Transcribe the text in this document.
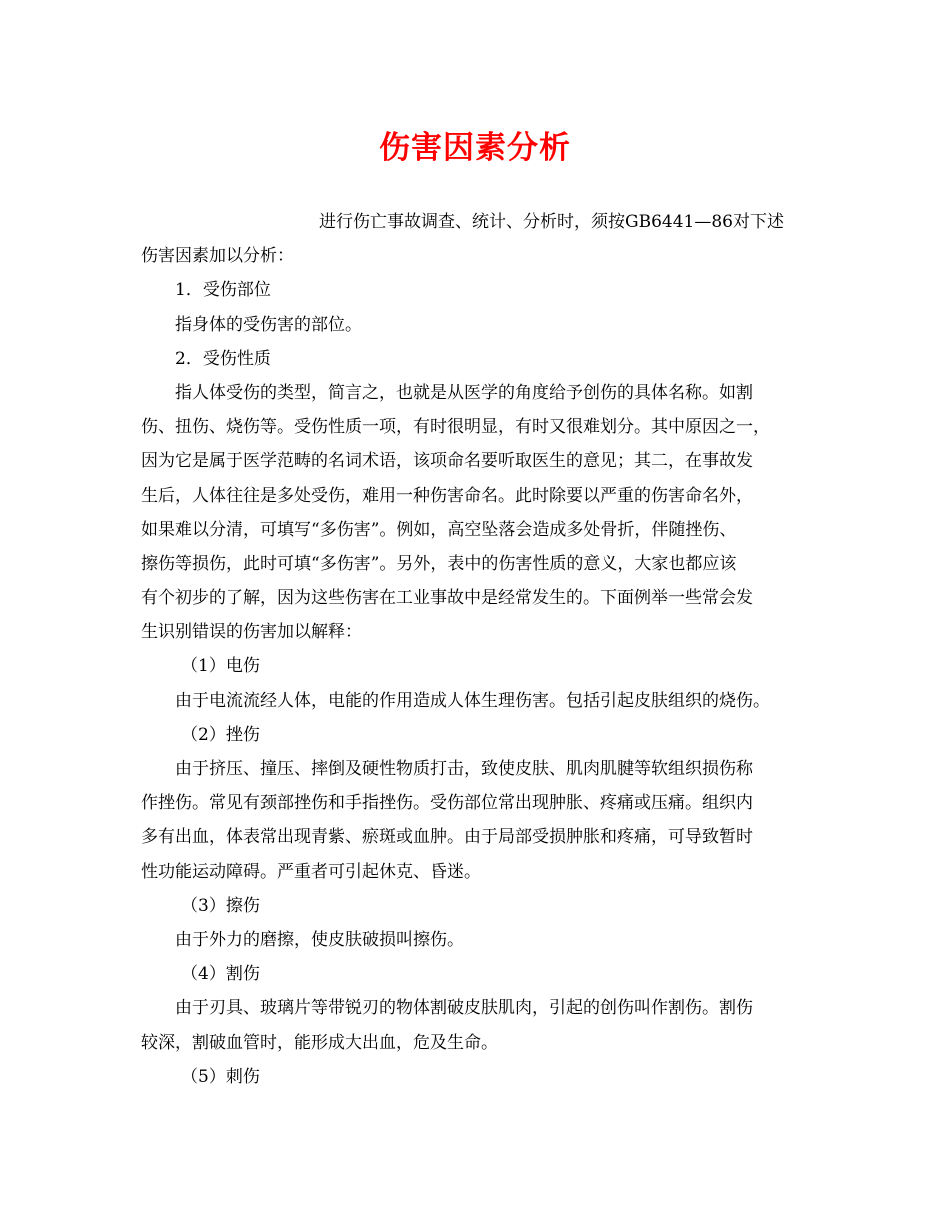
伤害因素分析
进行伤亡事故调查、统计、分析时，须按GB6441—86对下述
伤害因素加以分析：
1．受伤部位
指身体的受伤害的部位。
2．受伤性质
指人体受伤的类型，简言之，也就是从医学的角度给予创伤的具体名称。如割
伤、扭伤、烧伤等。受伤性质一项，有时很明显，有时又很难划分。其中原因之一，
因为它是属于医学范畴的名词术语，该项命名要听取医生的意见；其二，在事故发
生后，人体往往是多处受伤，难用一种伤害命名。此时除要以严重的伤害命名外，
如果难以分清，可填写“多伤害”。例如，高空坠落会造成多处骨折，伴随挫伤、
擦伤等损伤，此时可填“多伤害”。另外，表中的伤害性质的意义，大家也都应该
有个初步的了解，因为这些伤害在工业事故中是经常发生的。下面例举一些常会发
生识别错误的伤害加以解释：
（1）电伤
由于电流流经人体，电能的作用造成人体生理伤害。包括引起皮肤组织的烧伤。
（2）挫伤
由于挤压、撞压、摔倒及硬性物质打击，致使皮肤、肌肉肌腱等软组织损伤称
作挫伤。常见有颈部挫伤和手指挫伤。受伤部位常出现肿胀、疼痛或压痛。组织内
多有出血，体表常出现青紫、瘀斑或血肿。由于局部受损肿胀和疼痛，可导致暂时
性功能运动障碍。严重者可引起休克、昏迷。
（3）擦伤
由于外力的磨擦，使皮肤破损叫擦伤。
（4）割伤
由于刃具、玻璃片等带锐刃的物体割破皮肤肌肉，引起的创伤叫作割伤。割伤
较深，割破血管时，能形成大出血，危及生命。
（5）刺伤
